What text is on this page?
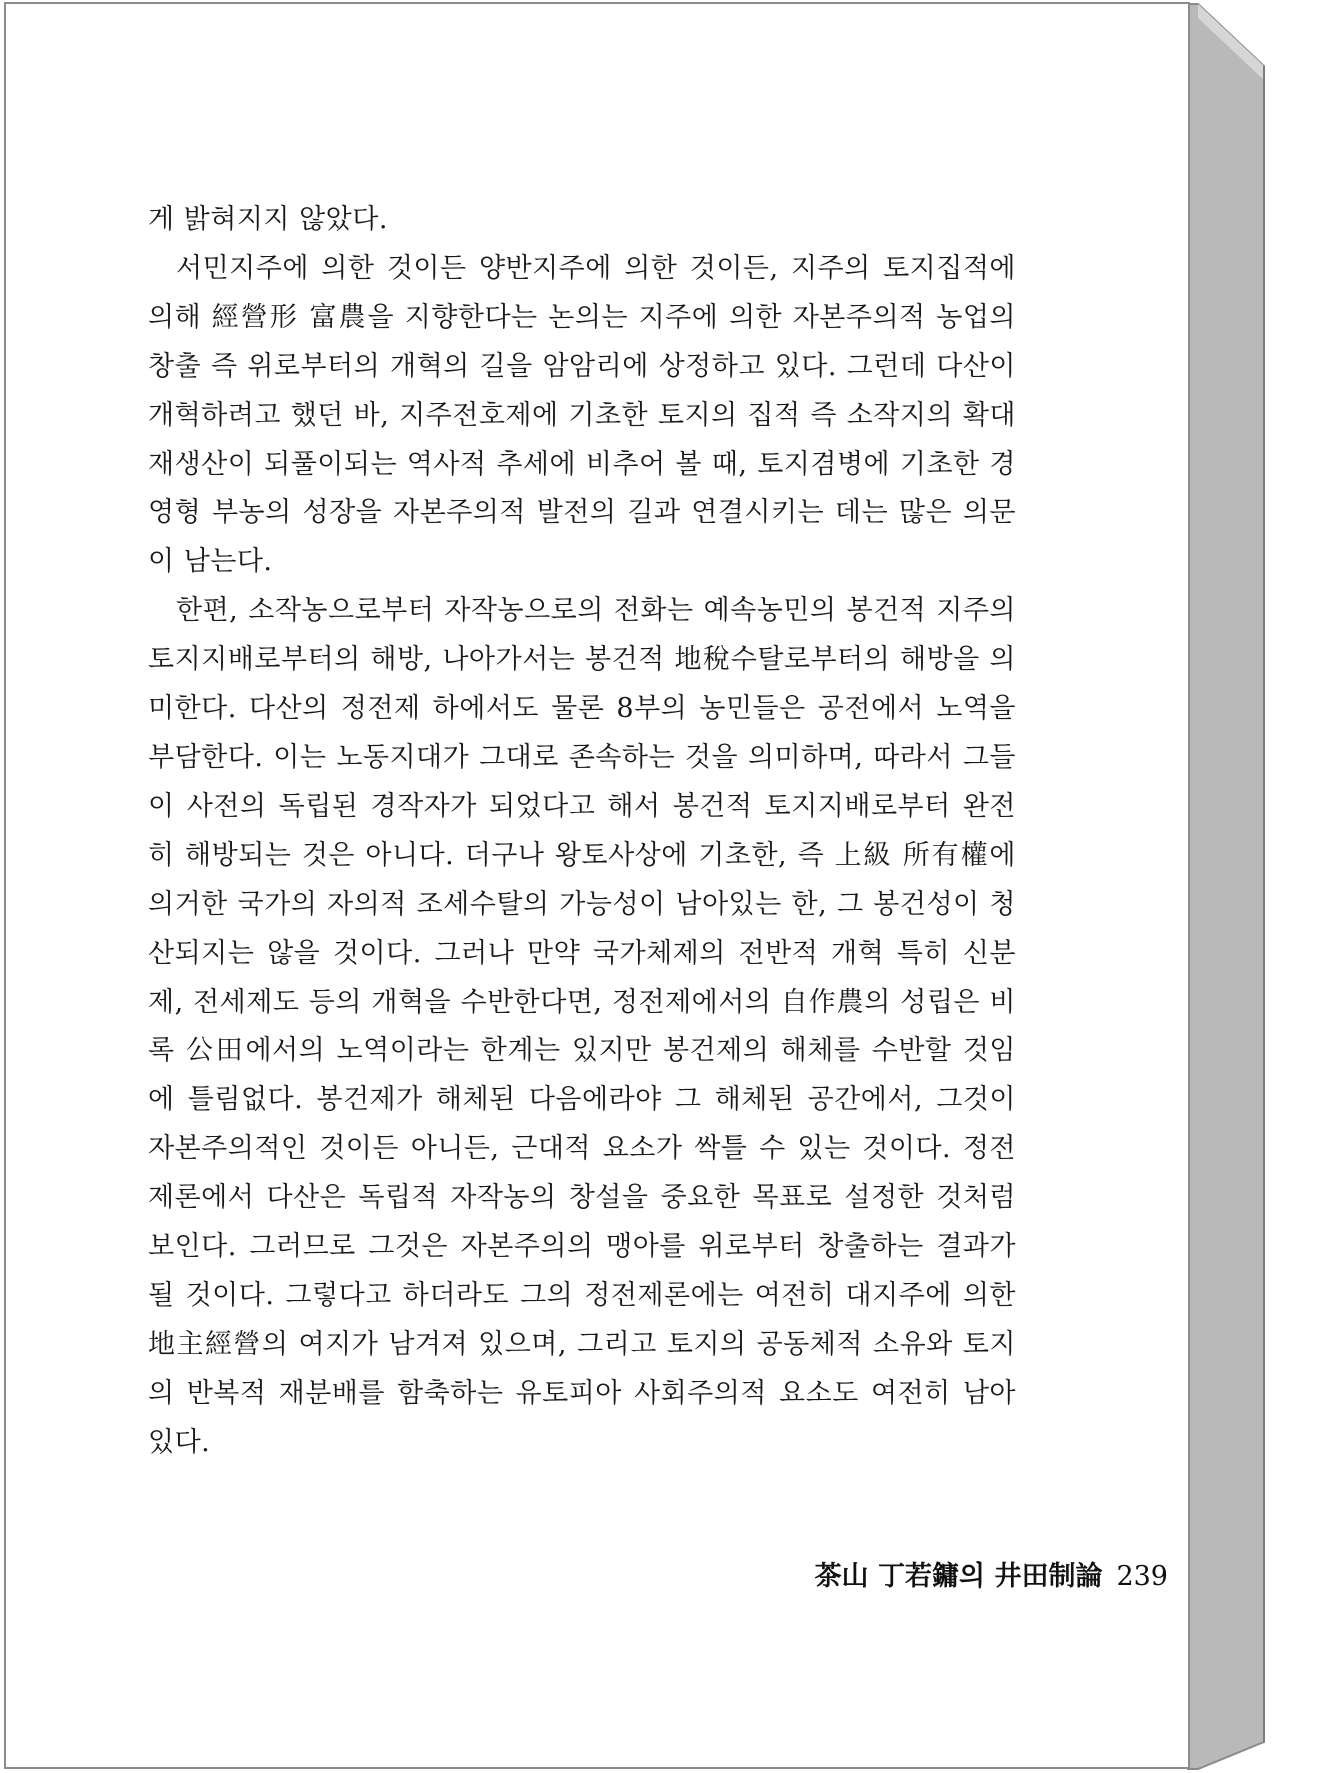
게 밝혀지지 않았다.

서민지주에 의한 것이든 양반지주에 의한 것이든, 지주의 토지집적에 의해 經營形 富農을 지향한다는 논의는 지주에 의한 자본주의적 농업의 창출 즉 위로부터의 개혁의 길을 암암리에 상정하고 있다. 그런데 다산이 개혁하려고 했던 바, 지주전호제에 기초한 토지의 집적 즉 소작지의 확대재생산이 되풀이되는 역사적 추세에 비추어 볼 때, 토지겸병에 기초한 경영형 부농의 성장을 자본주의적 발전의 길과 연결시키는 데는 많은 의문이 남는다.

한편, 소작농으로부터 자작농으로의 전화는 예속농민의 봉건적 지주의 토지지배로부터의 해방, 나아가서는 봉건적 地稅수탈로부터의 해방을 의미한다. 다산의 정전제 하에서도 물론 8부의 농민들은 공전에서 노역을 부담한다. 이는 노동지대가 그대로 존속하는 것을 의미하며, 따라서 그들이 사전의 독립된 경작자가 되었다고 해서 봉건적 토지지배로부터 완전히 해방되는 것은 아니다. 더구나 왕토사상에 기초한, 즉 上級 所有權에 의거한 국가의 자의적 조세수탈의 가능성이 남아있는 한, 그 봉건성이 청산되지는 않을 것이다. 그러나 만약 국가체제의 전반적 개혁 특히 신분제, 전세제도 등의 개혁을 수반한다면, 정전제에서의 自作農의 성립은 비록 公田에서의 노역이라는 한계는 있지만 봉건제의 해체를 수반할 것임에 틀림없다. 봉건제가 해체된 다음에라야 그 해체된 공간에서, 그것이 자본주의적인 것이든 아니든, 근대적 요소가 싹틀 수 있는 것이다. 정전제론에서 다산은 독립적 자작농의 창설을 중요한 목표로 설정한 것처럼 보인다. 그러므로 그것은 자본주의의 맹아를 위로부터 창출하는 결과가 될 것이다. 그렇다고 하더라도 그의 정전제론에는 여전히 대지주에 의한 地主經營의 여지가 남겨져 있으며, 그리고 토지의 공동체적 소유와 토지의 반복적 재분배를 함축하는 유토피아 사회주의적 요소도 여전히 남아있다.

茶山 丁若鏞의 井田制論 239
